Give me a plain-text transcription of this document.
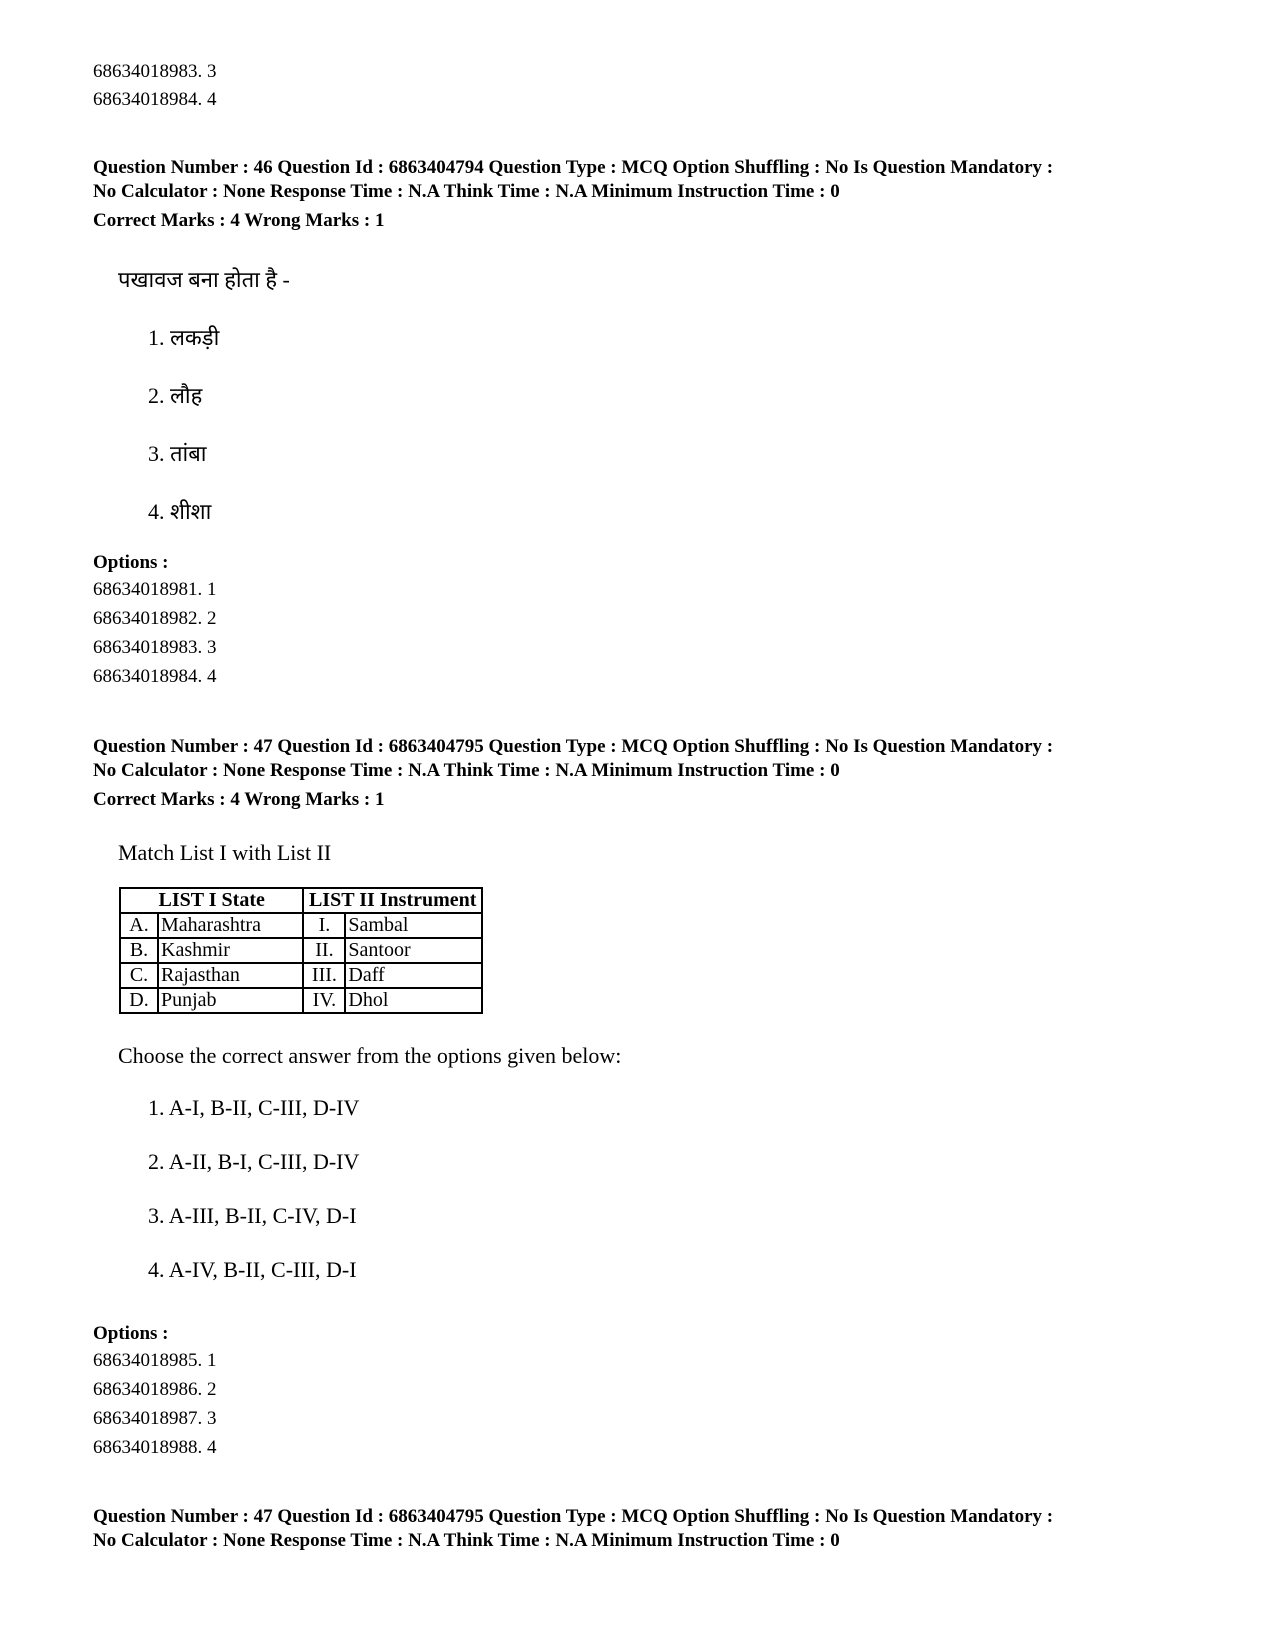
68634018983. 3
68634018984. 4
Question Number : 46 Question Id : 6863404794 Question Type : MCQ Option Shuffling : No Is Question Mandatory :
No Calculator : None Response Time : N.A Think Time : N.A Minimum Instruction Time : 0
Correct Marks : 4 Wrong Marks : 1
पखावज बना होता है -
1. लकड़ी
2. लौह
3. तांबा
4. शीशा
Options :
68634018981. 1
68634018982. 2
68634018983. 3
68634018984. 4
Question Number : 47 Question Id : 6863404795 Question Type : MCQ Option Shuffling : No Is Question Mandatory :
No Calculator : None Response Time : N.A Think Time : N.A Minimum Instruction Time : 0
Correct Marks : 4 Wrong Marks : 1
Match List I with List II
LIST I State		LIST II Instrument	
A.	Maharashtra	I.	Sambal
B.	Kashmir	II.	Santoor
C.	Rajasthan	III.	Daff
D.	Punjab	IV.	Dhol
Choose the correct answer from the options given below:
1. A-I, B-II, C-III, D-IV
2. A-II, B-I, C-III, D-IV
3. A-III, B-II, C-IV, D-I
4. A-IV, B-II, C-III, D-I
Options :
68634018985. 1
68634018986. 2
68634018987. 3
68634018988. 4
Question Number : 47 Question Id : 6863404795 Question Type : MCQ Option Shuffling : No Is Question Mandatory :
No Calculator : None Response Time : N.A Think Time : N.A Minimum Instruction Time : 0
